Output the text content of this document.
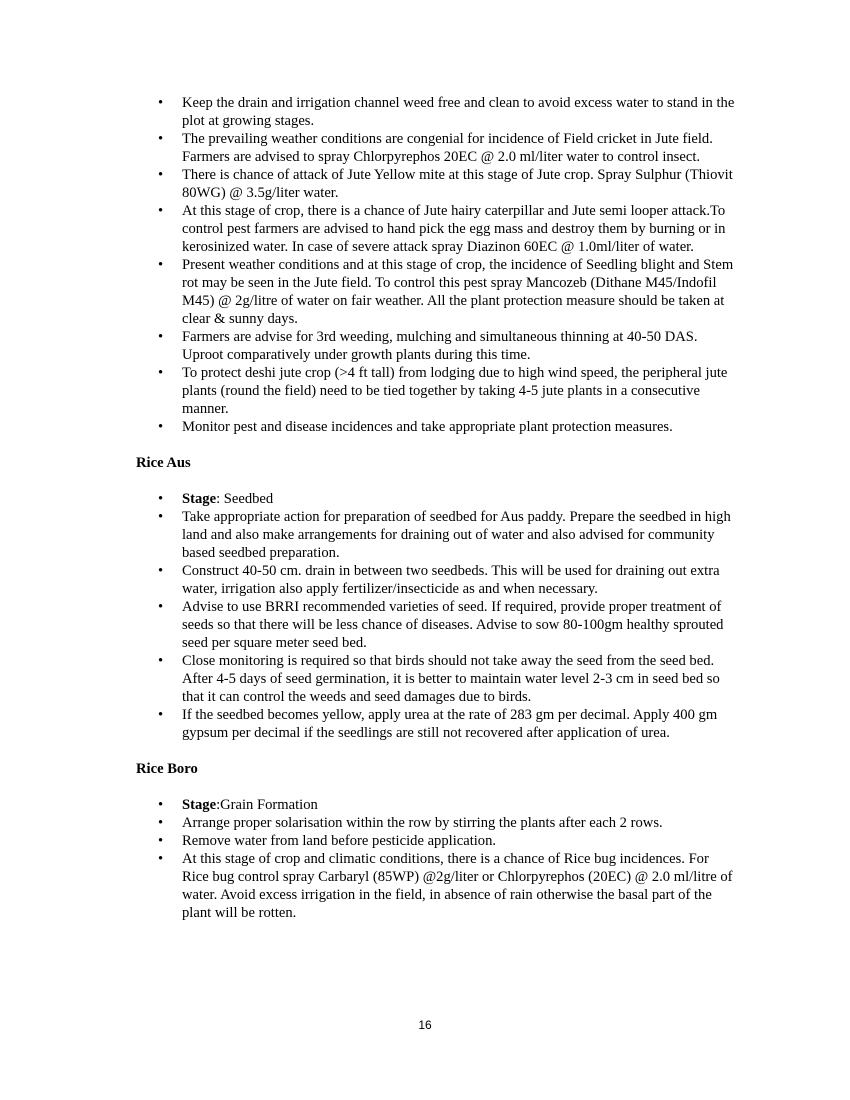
• Keep the drain and irrigation channel weed free and clean to avoid excess water to stand in the plot at growing stages.
• The prevailing weather conditions are congenial for incidence of Field cricket in Jute field. Farmers are advised to spray Chlorpyrephos 20EC @ 2.0 ml/liter water to control insect.
• There is chance of attack of Jute Yellow mite at this stage of Jute crop. Spray Sulphur (Thiovit 80WG) @ 3.5g/liter water.
• At this stage of crop, there is a chance of Jute hairy caterpillar and Jute semi looper attack.To control pest farmers are advised to hand pick the egg mass and destroy them by burning or in kerosinized water. In case of severe attack spray Diazinon 60EC @ 1.0ml/liter of water.
• Present weather conditions and at this stage of crop, the incidence of Seedling blight and Stem rot may be seen in the Jute field. To control this pest spray Mancozeb (Dithane M45/Indofil M45) @ 2g/litre of water on fair weather. All the plant protection measure should be taken at clear & sunny days.
• Farmers are advise for 3rd weeding, mulching and simultaneous thinning at 40-50 DAS. Uproot comparatively under growth plants during this time.
• To protect deshi jute crop (>4 ft tall) from lodging due to high wind speed, the peripheral jute plants (round the field) need to be tied together by taking 4-5 jute plants in a consecutive manner.
• Monitor pest and disease incidences and take appropriate plant protection measures.

Rice Aus

• Stage: Seedbed
• Take appropriate action for preparation of seedbed for Aus paddy. Prepare the seedbed in high land and also make arrangements for draining out of water and also advised for community based seedbed preparation.
• Construct 40-50 cm. drain in between two seedbeds. This will be used for draining out extra water, irrigation also apply fertilizer/insecticide as and when necessary.
• Advise to use BRRI recommended varieties of seed. If required, provide proper treatment of seeds so that there will be less chance of diseases. Advise to sow 80-100gm healthy sprouted seed per square meter seed bed.
• Close monitoring is required so that birds should not take away the seed from the seed bed. After 4-5 days of seed germination, it is better to maintain water level 2-3 cm in seed bed so that it can control the weeds and seed damages due to birds.
• If the seedbed becomes yellow, apply urea at the rate of 283 gm per decimal. Apply 400 gm gypsum per decimal if the seedlings are still not recovered after application of urea.

Rice Boro

• Stage:Grain Formation
• Arrange proper solarisation within the row by stirring the plants after each 2 rows.
• Remove water from land before pesticide application.
• At this stage of crop and climatic conditions, there is a chance of Rice bug incidences. For Rice bug control spray Carbaryl (85WP) @2g/liter or Chlorpyrephos (20EC) @ 2.0 ml/litre of water. Avoid excess irrigation in the field, in absence of rain otherwise the basal part of the plant will be rotten.
16
